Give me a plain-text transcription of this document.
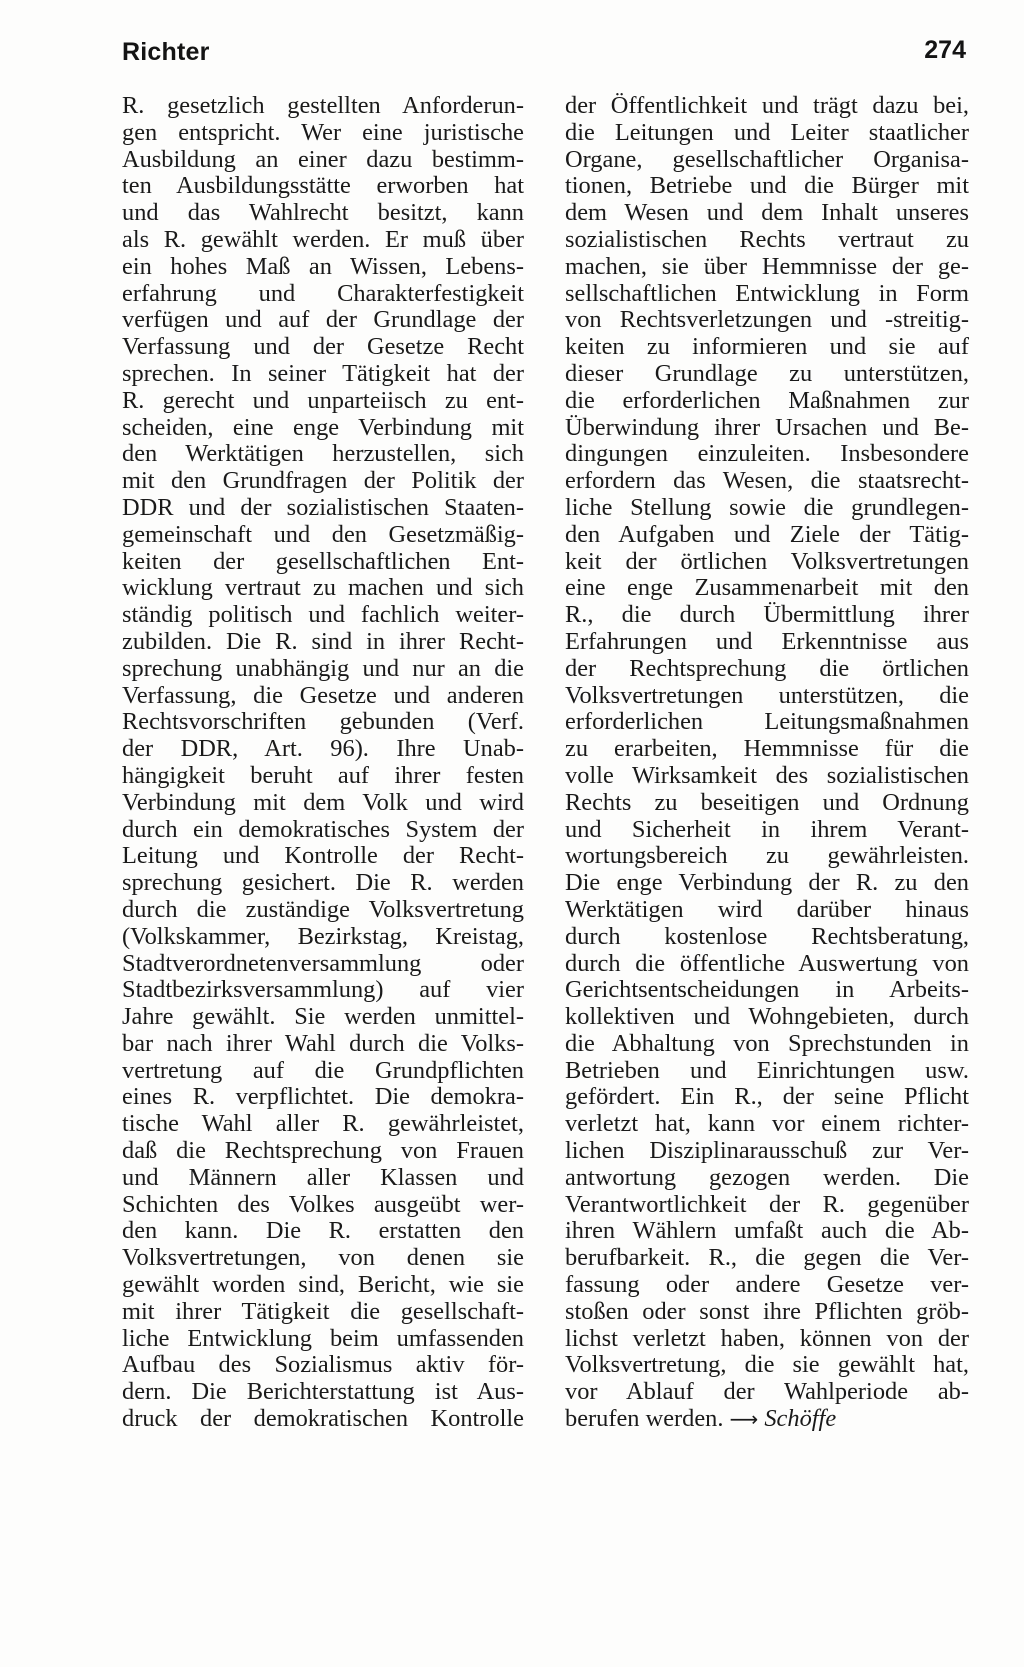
Richter	274
R. gesetzlich gestellten Anforderun-
gen entspricht. Wer eine juristische
Ausbildung an einer dazu bestimm-
ten Ausbildungsstätte erworben hat
und das Wahlrecht besitzt, kann
als R. gewählt werden. Er muß über
ein hohes Maß an Wissen, Lebens-
erfahrung und Charakterfestigkeit
verfügen und auf der Grundlage der
Verfassung und der Gesetze Recht
sprechen. In seiner Tätigkeit hat der
R. gerecht und unparteiisch zu ent-
scheiden, eine enge Verbindung mit
den Werktätigen herzustellen, sich
mit den Grundfragen der Politik der
DDR und der sozialistischen Staaten-
gemeinschaft und den Gesetzmäßig-
keiten der gesellschaftlichen Ent-
wicklung vertraut zu machen und sich
ständig politisch und fachlich weiter-
zubilden. Die R. sind in ihrer Recht-
sprechung unabhängig und nur an die
Verfassung, die Gesetze und anderen
Rechtsvorschriften gebunden (Verf.
der DDR, Art. 96). Ihre Unab-
hängigkeit beruht auf ihrer festen
Verbindung mit dem Volk und wird
durch ein demokratisches System der
Leitung und Kontrolle der Recht-
sprechung gesichert. Die R. werden
durch die zuständige Volksvertretung
(Volkskammer, Bezirkstag, Kreistag,
Stadtverordnetenversammlung oder
Stadtbezirksversammlung) auf vier
Jahre gewählt. Sie werden unmittel-
bar nach ihrer Wahl durch die Volks-
vertretung auf die Grundpflichten
eines R. verpflichtet. Die demokra-
tische Wahl aller R. gewährleistet,
daß die Rechtsprechung von Frauen
und Männern aller Klassen und
Schichten des Volkes ausgeübt wer-
den kann. Die R. erstatten den
Volksvertretungen, von denen sie
gewählt worden sind, Bericht, wie sie
mit ihrer Tätigkeit die gesellschaft-
liche Entwicklung beim umfassenden
Aufbau des Sozialismus aktiv för-
dern. Die Berichterstattung ist Aus-
druck der demokratischen Kontrolle
der Öffentlichkeit und trägt dazu bei,
die Leitungen und Leiter staatlicher
Organe, gesellschaftlicher Organisa-
tionen, Betriebe und die Bürger mit
dem Wesen und dem Inhalt unseres
sozialistischen Rechts vertraut zu
machen, sie über Hemmnisse der ge-
sellschaftlichen Entwicklung in Form
von Rechtsverletzungen und -streitig-
keiten zu informieren und sie auf
dieser Grundlage zu unterstützen,
die erforderlichen Maßnahmen zur
Überwindung ihrer Ursachen und Be-
dingungen einzuleiten. Insbesondere
erfordern das Wesen, die staatsrecht-
liche Stellung sowie die grundlegen-
den Aufgaben und Ziele der Tätig-
keit der örtlichen Volksvertretungen
eine enge Zusammenarbeit mit den
R., die durch Übermittlung ihrer
Erfahrungen und Erkenntnisse aus
der Rechtsprechung die örtlichen
Volksvertretungen unterstützen, die
erforderlichen Leitungsmaßnahmen
zu erarbeiten, Hemmnisse für die
volle Wirksamkeit des sozialistischen
Rechts zu beseitigen und Ordnung
und Sicherheit in ihrem Verant-
wortungsbereich zu gewährleisten.
Die enge Verbindung der R. zu den
Werktätigen wird darüber hinaus
durch kostenlose Rechtsberatung,
durch die öffentliche Auswertung von
Gerichtsentscheidungen in Arbeits-
kollektiven und Wohngebieten, durch
die Abhaltung von Sprechstunden in
Betrieben und Einrichtungen usw.
gefördert. Ein R., der seine Pflicht
verletzt hat, kann vor einem richter-
lichen Disziplinarausschuß zur Ver-
antwortung gezogen werden. Die
Verantwortlichkeit der R. gegenüber
ihren Wählern umfaßt auch die Ab-
berufbarkeit. R., die gegen die Ver-
fassung oder andere Gesetze ver-
stoßen oder sonst ihre Pflichten gröb-
lichst verletzt haben, können von der
Volksvertretung, die sie gewählt hat,
vor Ablauf der Wahlperiode ab-
berufen werden. ⟶ Schöffe
